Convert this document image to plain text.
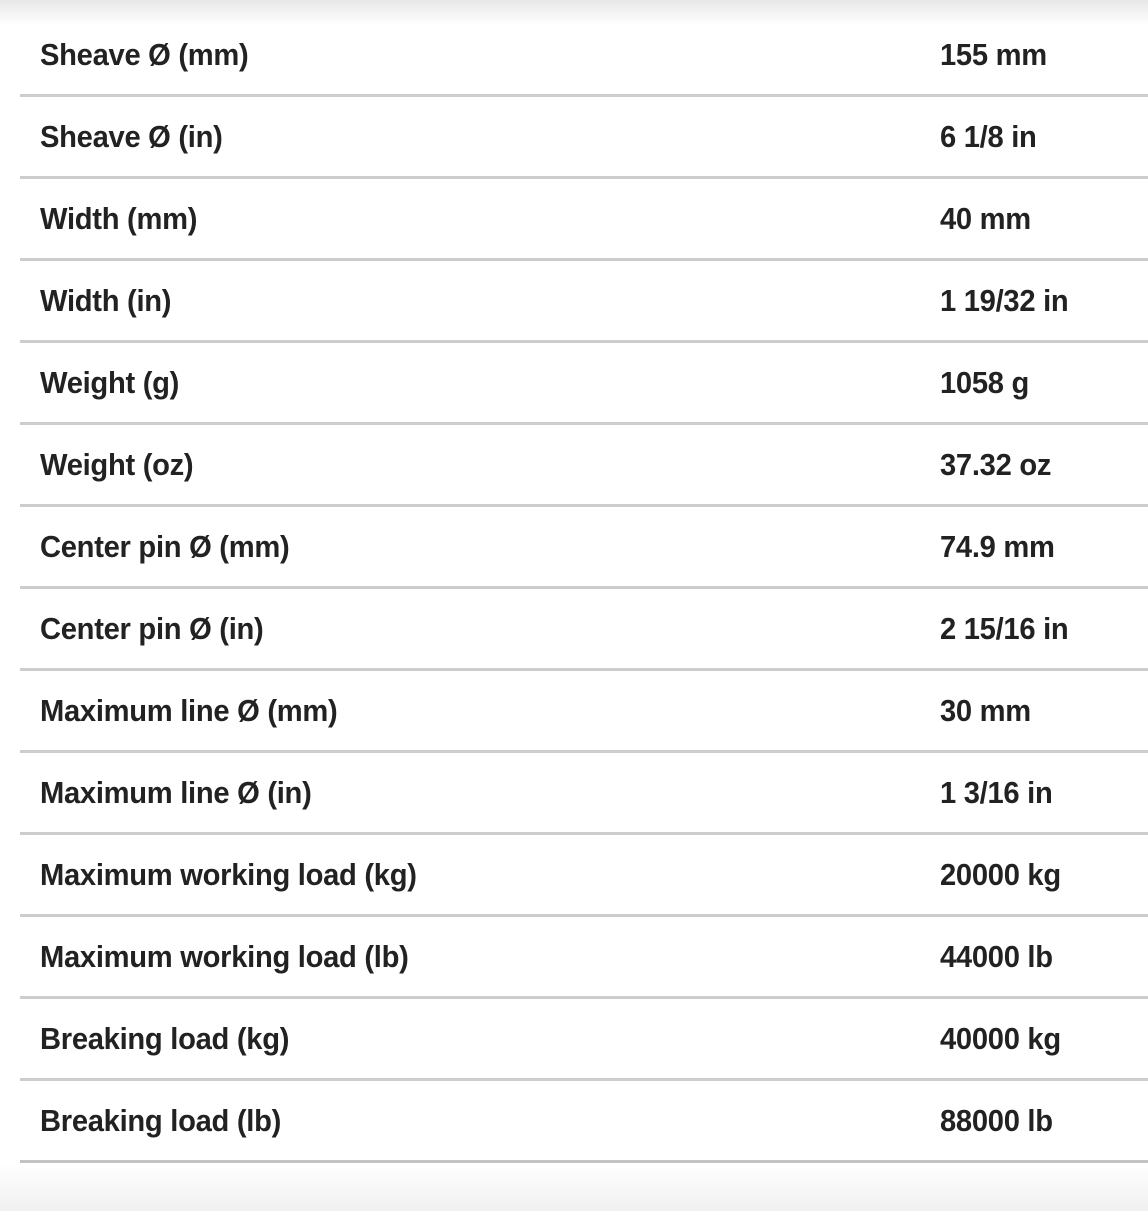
Sheave Ø (mm)	155 mm
Sheave Ø (in)	6 1/8 in
Width (mm)	40 mm
Width (in)	1 19/32 in
Weight (g)	1058 g
Weight (oz)	37.32 oz
Center pin Ø (mm)	74.9 mm
Center pin Ø (in)	2 15/16 in
Maximum line Ø (mm)	30 mm
Maximum line Ø (in)	1 3/16 in
Maximum working load (kg)	20000 kg
Maximum working load (lb)	44000 lb
Breaking load (kg)	40000 kg
Breaking load (lb)	88000 lb
